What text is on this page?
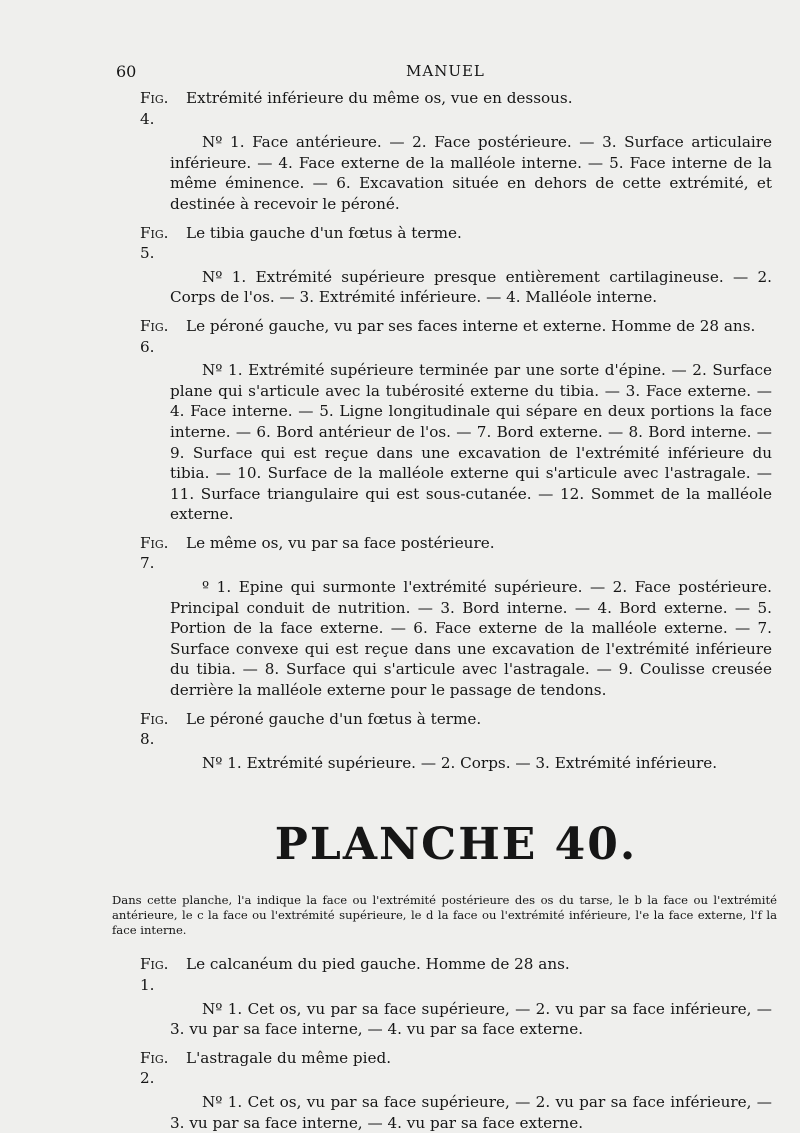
60	MANUEL
Fig. 4.
Extrémité inférieure du même os, vue en dessous.
Nº 1. Face antérieure. — 2. Face postérieure. — 3. Surface articulaire inférieure. — 4. Face externe de la malléole interne. — 5. Face interne de la même éminence. — 6. Excavation située en dehors de cette extrémité, et destinée à recevoir le péroné.
Fig. 5.
Le tibia gauche d'un fœtus à terme.
Nº 1. Extrémité supérieure presque entièrement cartilagineuse. — 2. Corps de l'os. — 3. Extrémité inférieure. — 4. Malléole interne.
Fig. 6.
Le péroné gauche, vu par ses faces interne et externe. Homme de 28 ans.
Nº 1. Extrémité supérieure terminée par une sorte d'épine. — 2. Surface plane qui s'articule avec la tubérosité externe du tibia. — 3. Face externe. — 4. Face interne. — 5. Ligne longitudinale qui sépare en deux portions la face interne. — 6. Bord antérieur de l'os. — 7. Bord externe. — 8. Bord interne. — 9. Surface qui est reçue dans une excavation de l'extrémité inférieure du tibia. — 10. Surface de la malléole externe qui s'articule avec l'astragale. — 11. Surface triangulaire qui est sous-cutanée. — 12. Sommet de la malléole externe.
Fig. 7.
Le même os, vu par sa face postérieure.
º 1. Epine qui surmonte l'extrémité supérieure. — 2. Face postérieure. Principal conduit de nutrition. — 3. Bord interne. — 4. Bord externe. — 5. Portion de la face externe. — 6. Face externe de la malléole externe. — 7. Surface convexe qui est reçue dans une excavation de l'extrémité inférieure du tibia. — 8. Surface qui s'articule avec l'astragale. — 9. Coulisse creusée derrière la malléole externe pour le passage de tendons.
Fig. 8.
Le péroné gauche d'un fœtus à terme.
Nº 1. Extrémité supérieure. — 2. Corps. — 3. Extrémité inférieure.
PLANCHE 40.
Dans cette planche, l'a indique la face ou l'extrémité postérieure des os du tarse, le b la face ou l'extrémité antérieure, le c la face ou l'extrémité supérieure, le d la face ou l'extrémité inférieure, l'e la face externe, l'f la face interne.
Fig. 1.
Le calcanéum du pied gauche. Homme de 28 ans.
Nº 1. Cet os, vu par sa face supérieure, — 2. vu par sa face inférieure, — 3. vu par sa face interne, — 4. vu par sa face externe.
Fig. 2.
L'astragale du même pied.
Nº 1. Cet os, vu par sa face supérieure, — 2. vu par sa face inférieure, — 3. vu par sa face interne, — 4. vu par sa face externe.
